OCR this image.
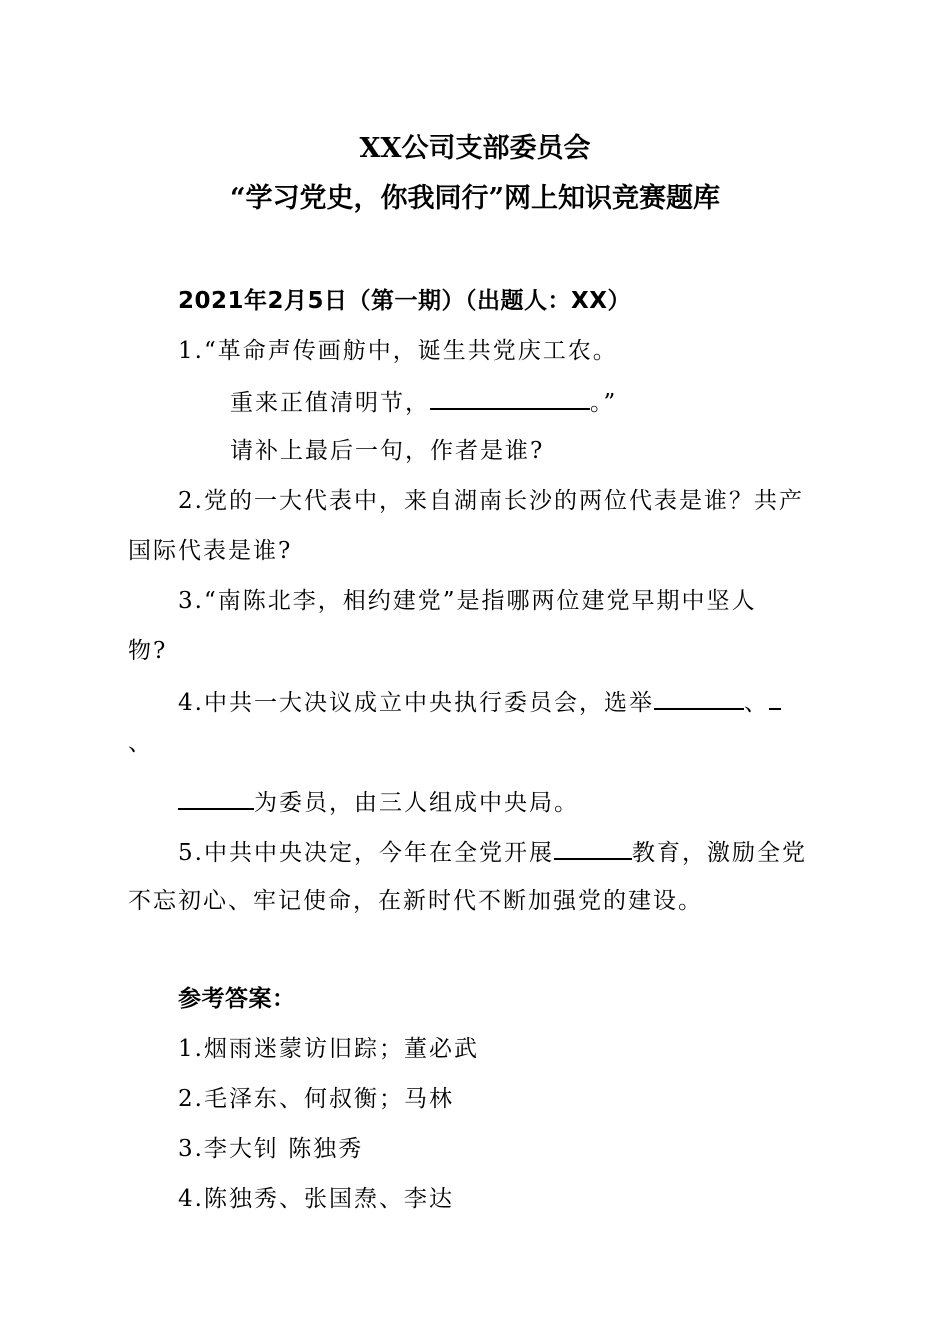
XX公司支部委员会
“学习党史，你我同行”网上知识竞赛题库
2021年2月5日（第一期）（出题人：XX）
1.“革命声传画舫中，诞生共党庆工农。
重来正值清明节，	。”
请补上最后一句，作者是谁?
2.党的一大代表中，来自湖南长沙的两位代表是谁？共产
国际代表是谁?
3.“南陈北李，相约建党”是指哪两位建党早期中坚人
物?
4.中共一大决议成立中央执行委员会，选举	、
、
为委员，由三人组成中央局。
5.中共中央决定，今年在全党开展	教育，激励全党
不忘初心、牢记使命，在新时代不断加强党的建设。
参考答案：
1.烟雨迷蒙访旧踪；董必武
2.毛泽东、何叔衡；马林
3.李大钊 陈独秀
4.陈独秀、张国焘、李达
